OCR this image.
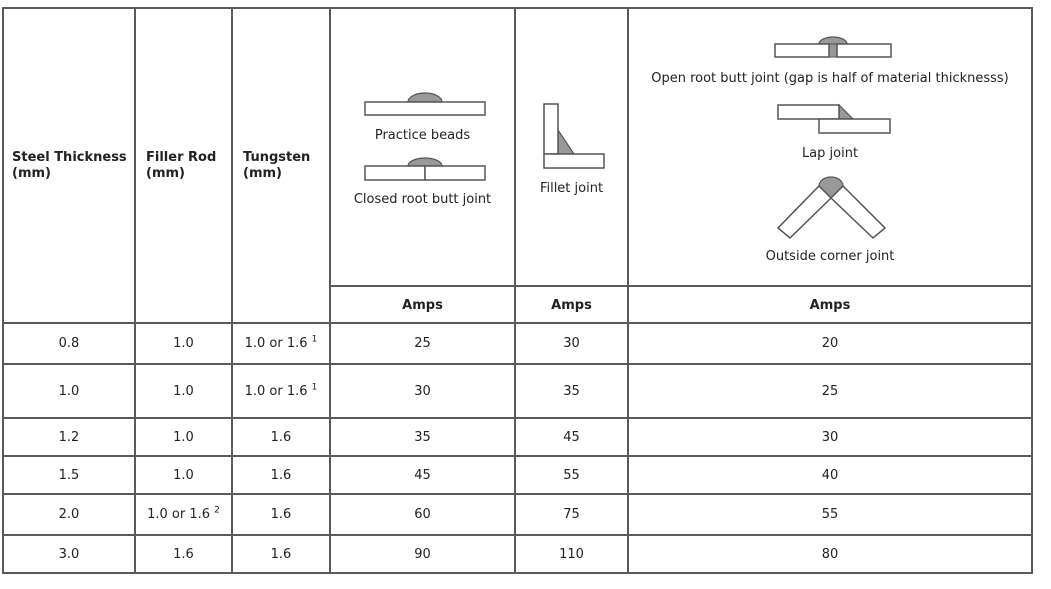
Steel Thickness
(mm)
Filler Rod
(mm)
Tungsten
(mm)
Practice beads
Closed root butt joint
Fillet joint
Open root butt joint (gap is half of material thicknesss)
Lap joint
Outside corner joint
Amps	Amps	Amps
0.8	1.0	1.0 or 1.6 $^1$	25	30	20
1.0	1.0	1.0 or 1.6 $^1$	30	35	25
1.2	1.0	1.6	35	45	30
1.5	1.0	1.6	45	55	40
2.0	1.0 or 1.6 $^2$	1.6	60	75	55
3.0	1.6	1.6	90	110	80
